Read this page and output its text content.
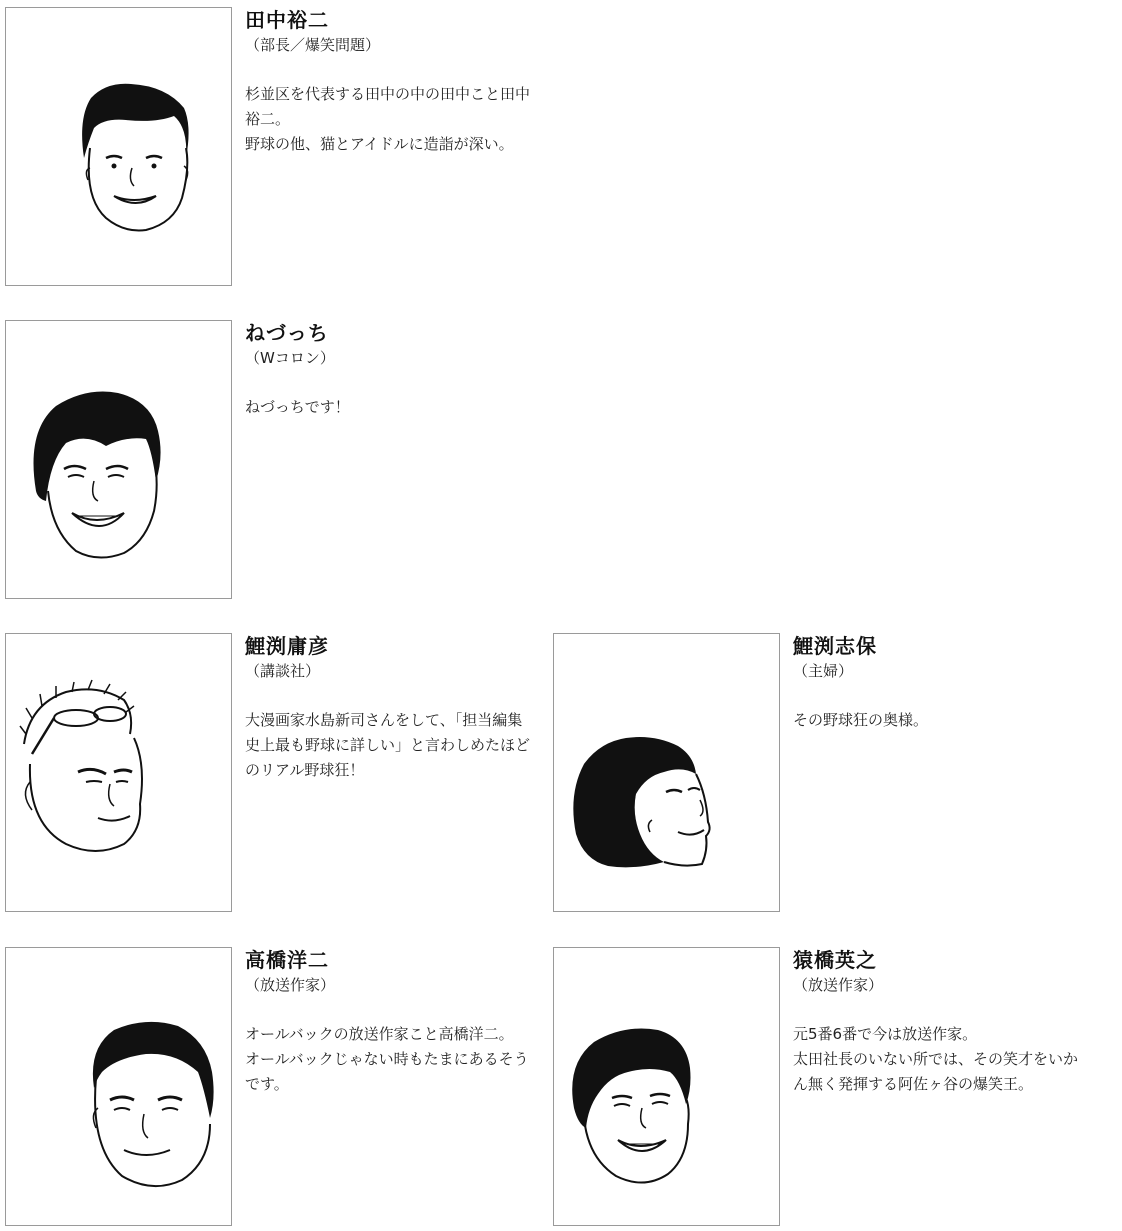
田中裕二
（部長／爆笑問題）
杉並区を代表する田中の中の田中こと田中裕二。
野球の他、猫とアイドルに造詣が深い。
ねづっち
（Wコロン）
ねづっちです！
鯉渕庸彦
（講談社）
大漫画家水島新司さんをして、「担当編集史上最も野球に詳しい」と言わしめたほどのリアル野球狂！
鯉渕志保
（主婦）
その野球狂の奥様。
高橋洋二
（放送作家）
オールバックの放送作家こと高橋洋二。
オールバックじゃない時もたまにあるそうです。
猿橋英之
（放送作家）
元5番6番で今は放送作家。
太田社長のいない所では、その笑才をいかん無く発揮する阿佐ヶ谷の爆笑王。
